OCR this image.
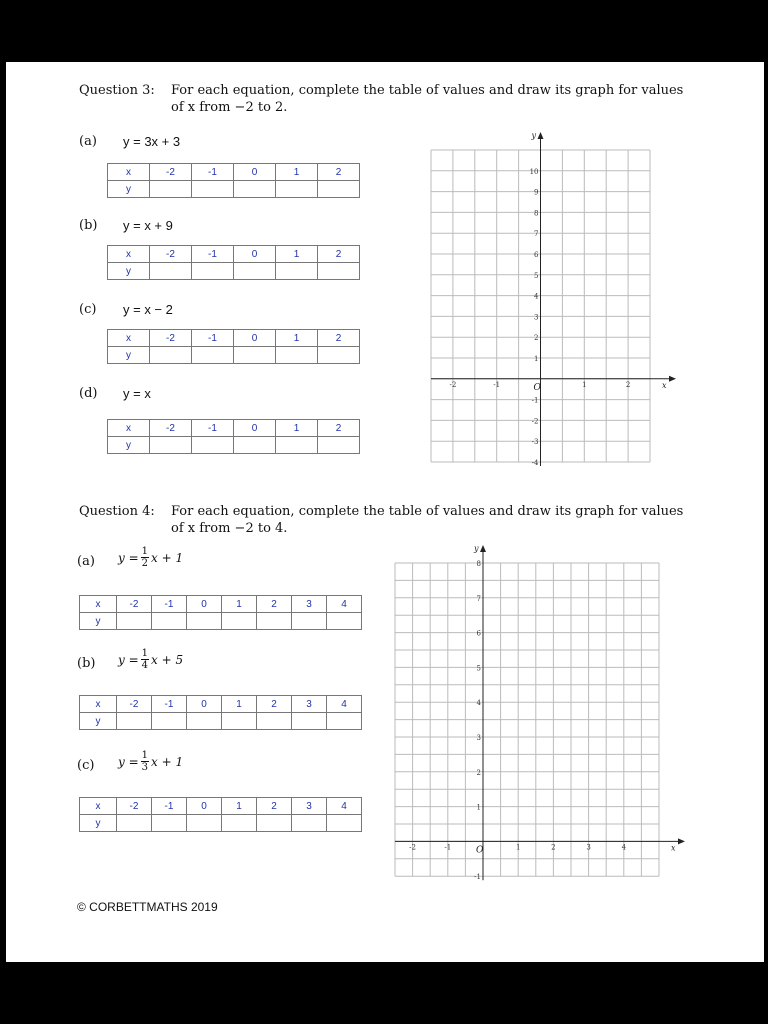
Question 3:	For each equation, complete the table of values and draw its graph for values of x from −2 to 2.
(a) y = 3x + 3
(b) y = x + 9
(c) y = x − 2
(d) y = x
x	-2	-1	0	1	2
y					
x	-2	-1	0	1	2
y					
x	-2	-1	0	1	2
y					
x	-2	-1	0	1	2
y					
x
y
O
-2	-1	1	2
10
9
8
7
6
5
4
3
2
1
-1
-2
-3
-4
Question 4:	For each equation, complete the table of values and draw its graph for values of x from −2 to 4.
(a) $y = \frac{1}{2}$ x + 1
(b) $y = \frac{1}{4}$ x + 5
(c) $y = \frac{1}{3}$ x + 1
x	-2	-1	0	1	2	3	4
y							
x	-2	-1	0	1	2	3	4
y							
x	-2	-1	0	1	2	3	4
y							
x
y
O
-2	-1	1	2	3	4
8
7
6
5
4
3
2
1
-1
© CORBETTMATHS 2019
